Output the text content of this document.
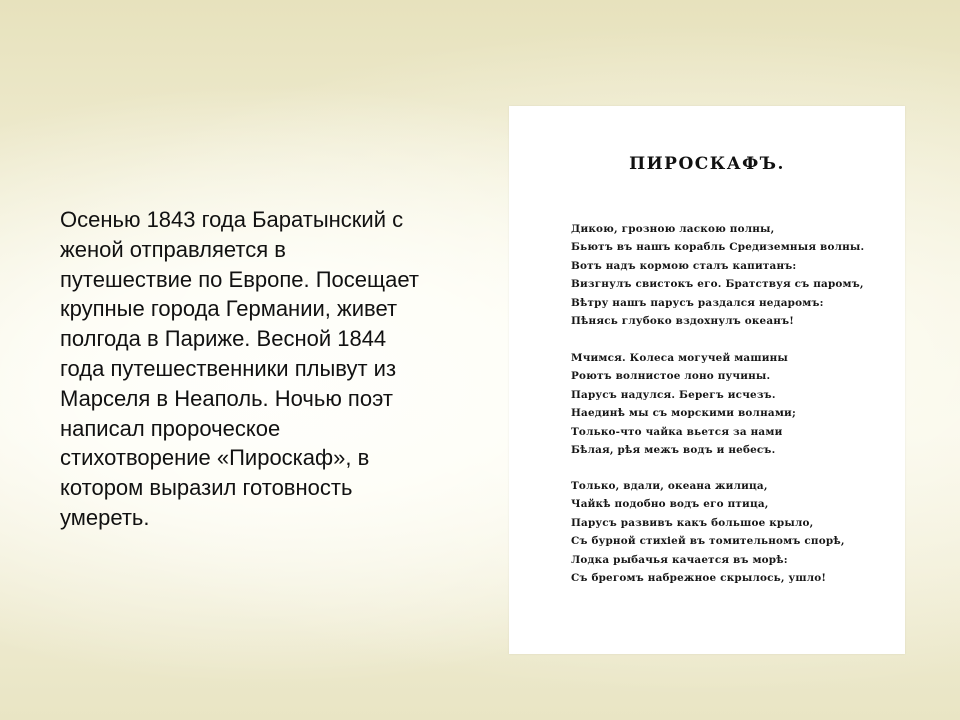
Осенью 1843 года Баратынский с женой отправляется в путешествие по Европе. Посещает крупные города Германии, живет полгода в Париже. Весной 1844 года путешественники плывут из Марселя в Неаполь. Ночью поэт написал пророческое стихотворение «Пироскаф», в котором выразил готовность умереть.

ПИРОСКАФЪ.
Дикою, грозною ласкою полны,
Бьютъ въ нашъ корабль Средиземныя волны.
Вотъ надъ кормою сталъ капитанъ:
Визгнулъ свистокъ его. Братствуя съ паромъ,
Вѣтру нашъ парусъ раздался недаромъ:
Пѣнясь глубоко вздохнулъ океанъ!
Мчимся. Колеса могучей машины
Роютъ волнистое лоно пучины.
Парусъ надулся. Берегъ исчезъ.
Наединѣ мы съ морскими волнами;
Только-что чайка вьется за нами
Бѣлая, рѣя межъ водъ и небесъ.
Только, вдали, океана жилица,
Чайкѣ подобно водъ его птица,
Парусъ развивъ какъ большое крыло,
Съ бурной стихіей въ томительномъ спорѣ,
Лодка рыбачья качается въ морѣ:
Съ брегомъ набрежное скрылось, ушло!
